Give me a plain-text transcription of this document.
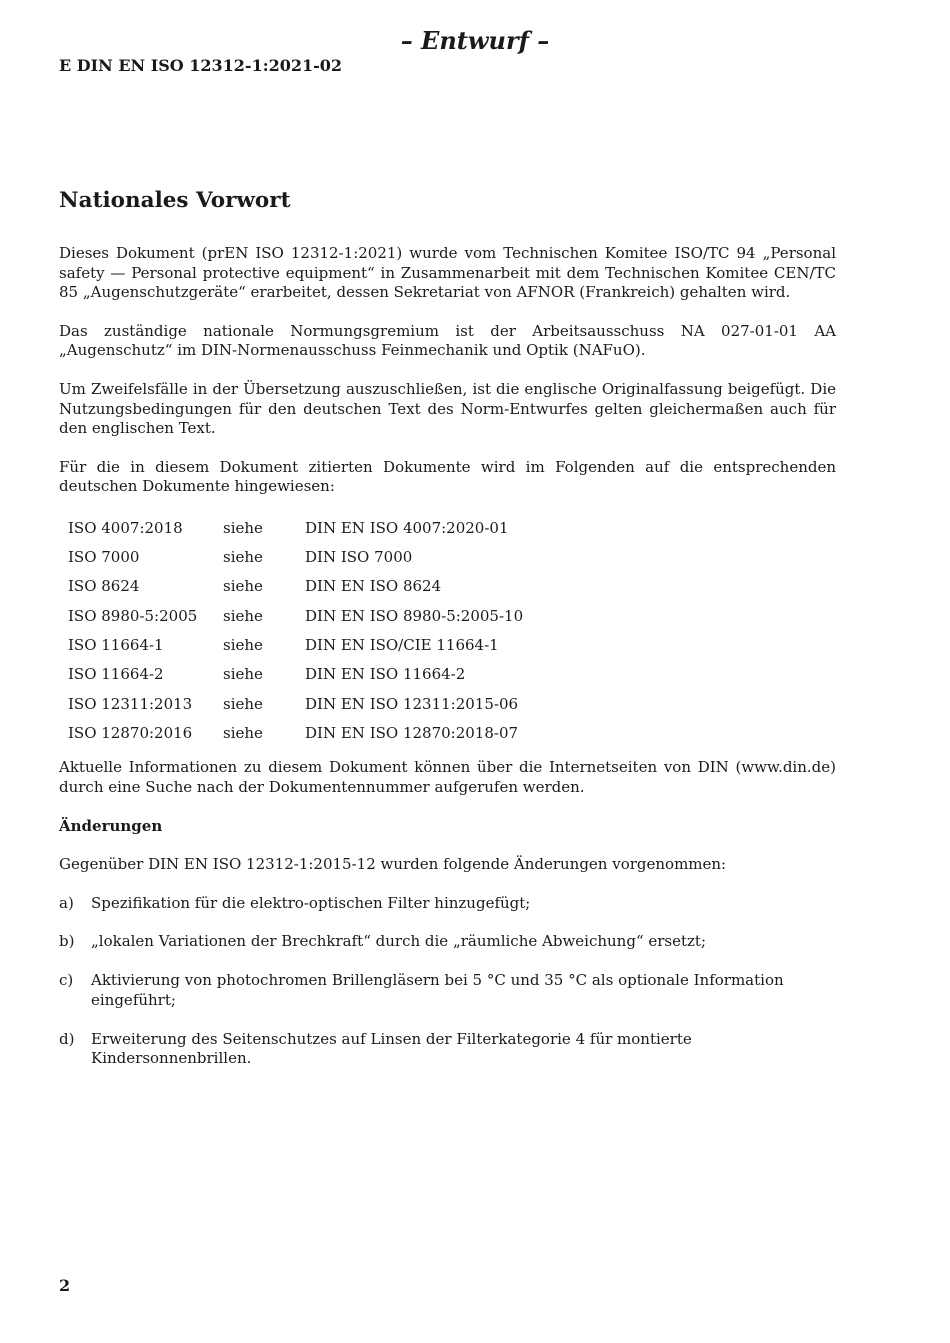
– Entwurf –
E DIN EN ISO 12312-1:2021-02
Nationales Vorwort

Dieses Dokument (prEN ISO 12312-1:2021) wurde vom Technischen Komitee ISO/TC 94 „Personal safety — Personal protective equipment“ in Zusammenarbeit mit dem Technischen Komitee CEN/TC 85 „Augenschutzgeräte“ erarbeitet, dessen Sekretariat von AFNOR (Frankreich) gehalten wird.

Das zuständige nationale Normungsgremium ist der Arbeitsausschuss NA 027-01-01 AA „Augenschutz“ im DIN-Normenausschuss Feinmechanik und Optik (NAFuO).

Um Zweifelsfälle in der Übersetzung auszuschließen, ist die englische Originalfassung beigefügt. Die Nutzungsbedingungen für den deutschen Text des Norm-Entwurfes gelten gleichermaßen auch für den englischen Text.

Für die in diesem Dokument zitierten Dokumente wird im Folgenden auf die entsprechenden deutschen Dokumente hingewiesen:

ISO 4007:2018	siehe	DIN EN ISO 4007:2020-01
ISO 7000	siehe	DIN ISO 7000
ISO 8624	siehe	DIN EN ISO 8624
ISO 8980-5:2005	siehe	DIN EN ISO 8980-5:2005-10
ISO 11664-1	siehe	DIN EN ISO/CIE 11664-1
ISO 11664-2	siehe	DIN EN ISO 11664-2
ISO 12311:2013	siehe	DIN EN ISO 12311:2015-06
ISO 12870:2016	siehe	DIN EN ISO 12870:2018-07

Aktuelle Informationen zu diesem Dokument können über die Internetseiten von DIN (www.din.de) durch eine Suche nach der Dokumentennummer aufgerufen werden.

Änderungen

Gegenüber DIN EN ISO 12312-1:2015-12 wurden folgende Änderungen vorgenommen:

a)	Spezifikation für die elektro-optischen Filter hinzugefügt;
b)	„lokalen Variationen der Brechkraft“ durch die „räumliche Abweichung“ ersetzt;
c)	Aktivierung von photochromen Brillengläsern bei 5 °C und 35 °C als optionale Information eingeführt;
d)	Erweiterung des Seitenschutzes auf Linsen der Filterkategorie 4 für montierte Kindersonnenbrillen.
2
